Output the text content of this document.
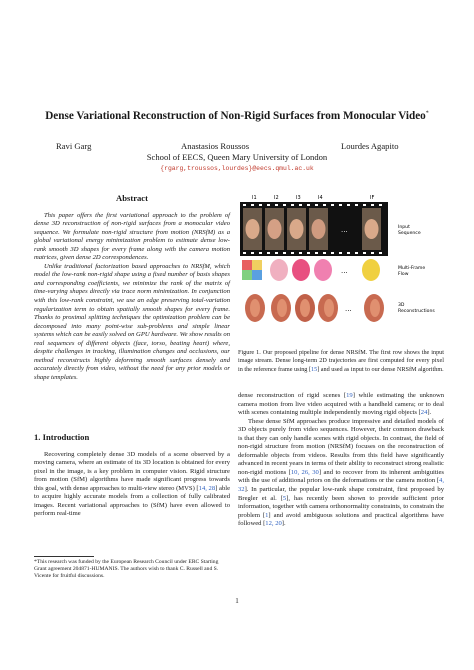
Dense Variational Reconstruction of Non-Rigid Surfaces from Monocular Video*
Ravi Garg	Anastasios Roussos	Lourdes Agapito
School of EECS, Queen Mary University of London
{rgarg,troussos,lourdes}@eecs.qmul.ac.uk
Abstract

This paper offers the first variational approach to the problem of dense 3D reconstruction of non-rigid surfaces from a monocular video sequence. We formulate non-rigid structure from motion (NRSfM) as a global variational energy minimization problem to estimate dense low-rank smooth 3D shapes for every frame along with the camera motion matrices, given dense 2D correspondences.

Unlike traditional factorization based approaches to NRSfM, which model the low-rank non-rigid shape using a fixed number of basis shapes and corresponding coefficients, we minimize the rank of the matrix of time-varying shapes directly via trace norm minimization. In conjunction with this low-rank constraint, we use an edge preserving total-variation regularization term to obtain spatially smooth shapes for every frame. Thanks to proximal splitting techniques the optimization problem can be decomposed into many point-wise sub-problems and simple linear systems which can be easily solved on GPU hardware. We show results on real sequences of different objects (face, torso, beating heart) where, despite challenges in tracking, illumination changes and occlusions, our method reconstructs highly deforming smooth surfaces densely and accurately directly from video, without the need for any prior models or shape templates.

1. Introduction

Recovering completely dense 3D models of a scene observed by a moving camera, where an estimate of its 3D location is obtained for every pixel in the image, is a key problem in computer vision. Rigid structure from motion (SfM) algorithms have made significant progress towards this goal, with dense approaches to multi-view stereo (MVS) [14, 28] able to acquire highly accurate models from a collection of fully calibrated images. Recent variational approaches to (SfM) have even allowed to perform real-time

*This research was funded by the European Research Council under ERC Starting Grant agreement 204871-HUMANIS. The authors wish to thank C. Russell and S. Vicente for fruitful discussions.
I1	I2	I3	I4	IF
...	Input
Sequence
...	Multi-Frame
Flow
...	3D
Reconstructions
Figure 1. Our proposed pipeline for dense NRSfM. The first row shows the input image stream. Dense long-term 2D trajectories are first computed for every pixel in the reference frame using [15] and used as input to our dense NRSfM algorithm.

dense reconstruction of rigid scenes [19] while estimating the unknown camera motion from live video acquired with a handheld camera; or to deal with scenes containing multiple independently moving rigid objects [24].

These dense SfM approaches produce impressive and detailed models of 3D objects purely from video sequences. However, their common drawback is that they can only handle scenes with rigid objects. In contrast, the field of non-rigid structure from motion (NRSfM) focuses on the reconstruction of deformable objects from videos. Results from this field have significantly advanced in recent years in terms of their ability to reconstruct strong realistic non-rigid motions [10, 26, 30] and to recover from its inherent ambiguities with the use of additional priors on the deformations or the camera motion [4, 32]. In particular, the popular low-rank shape constraint, first proposed by Bregler et al. [5], has recently been shown to provide sufficient prior information, together with camera orthonormality constraints, to constrain the problem [1] and avoid ambiguous solutions and practical algorithms have followed [12, 20].

1
